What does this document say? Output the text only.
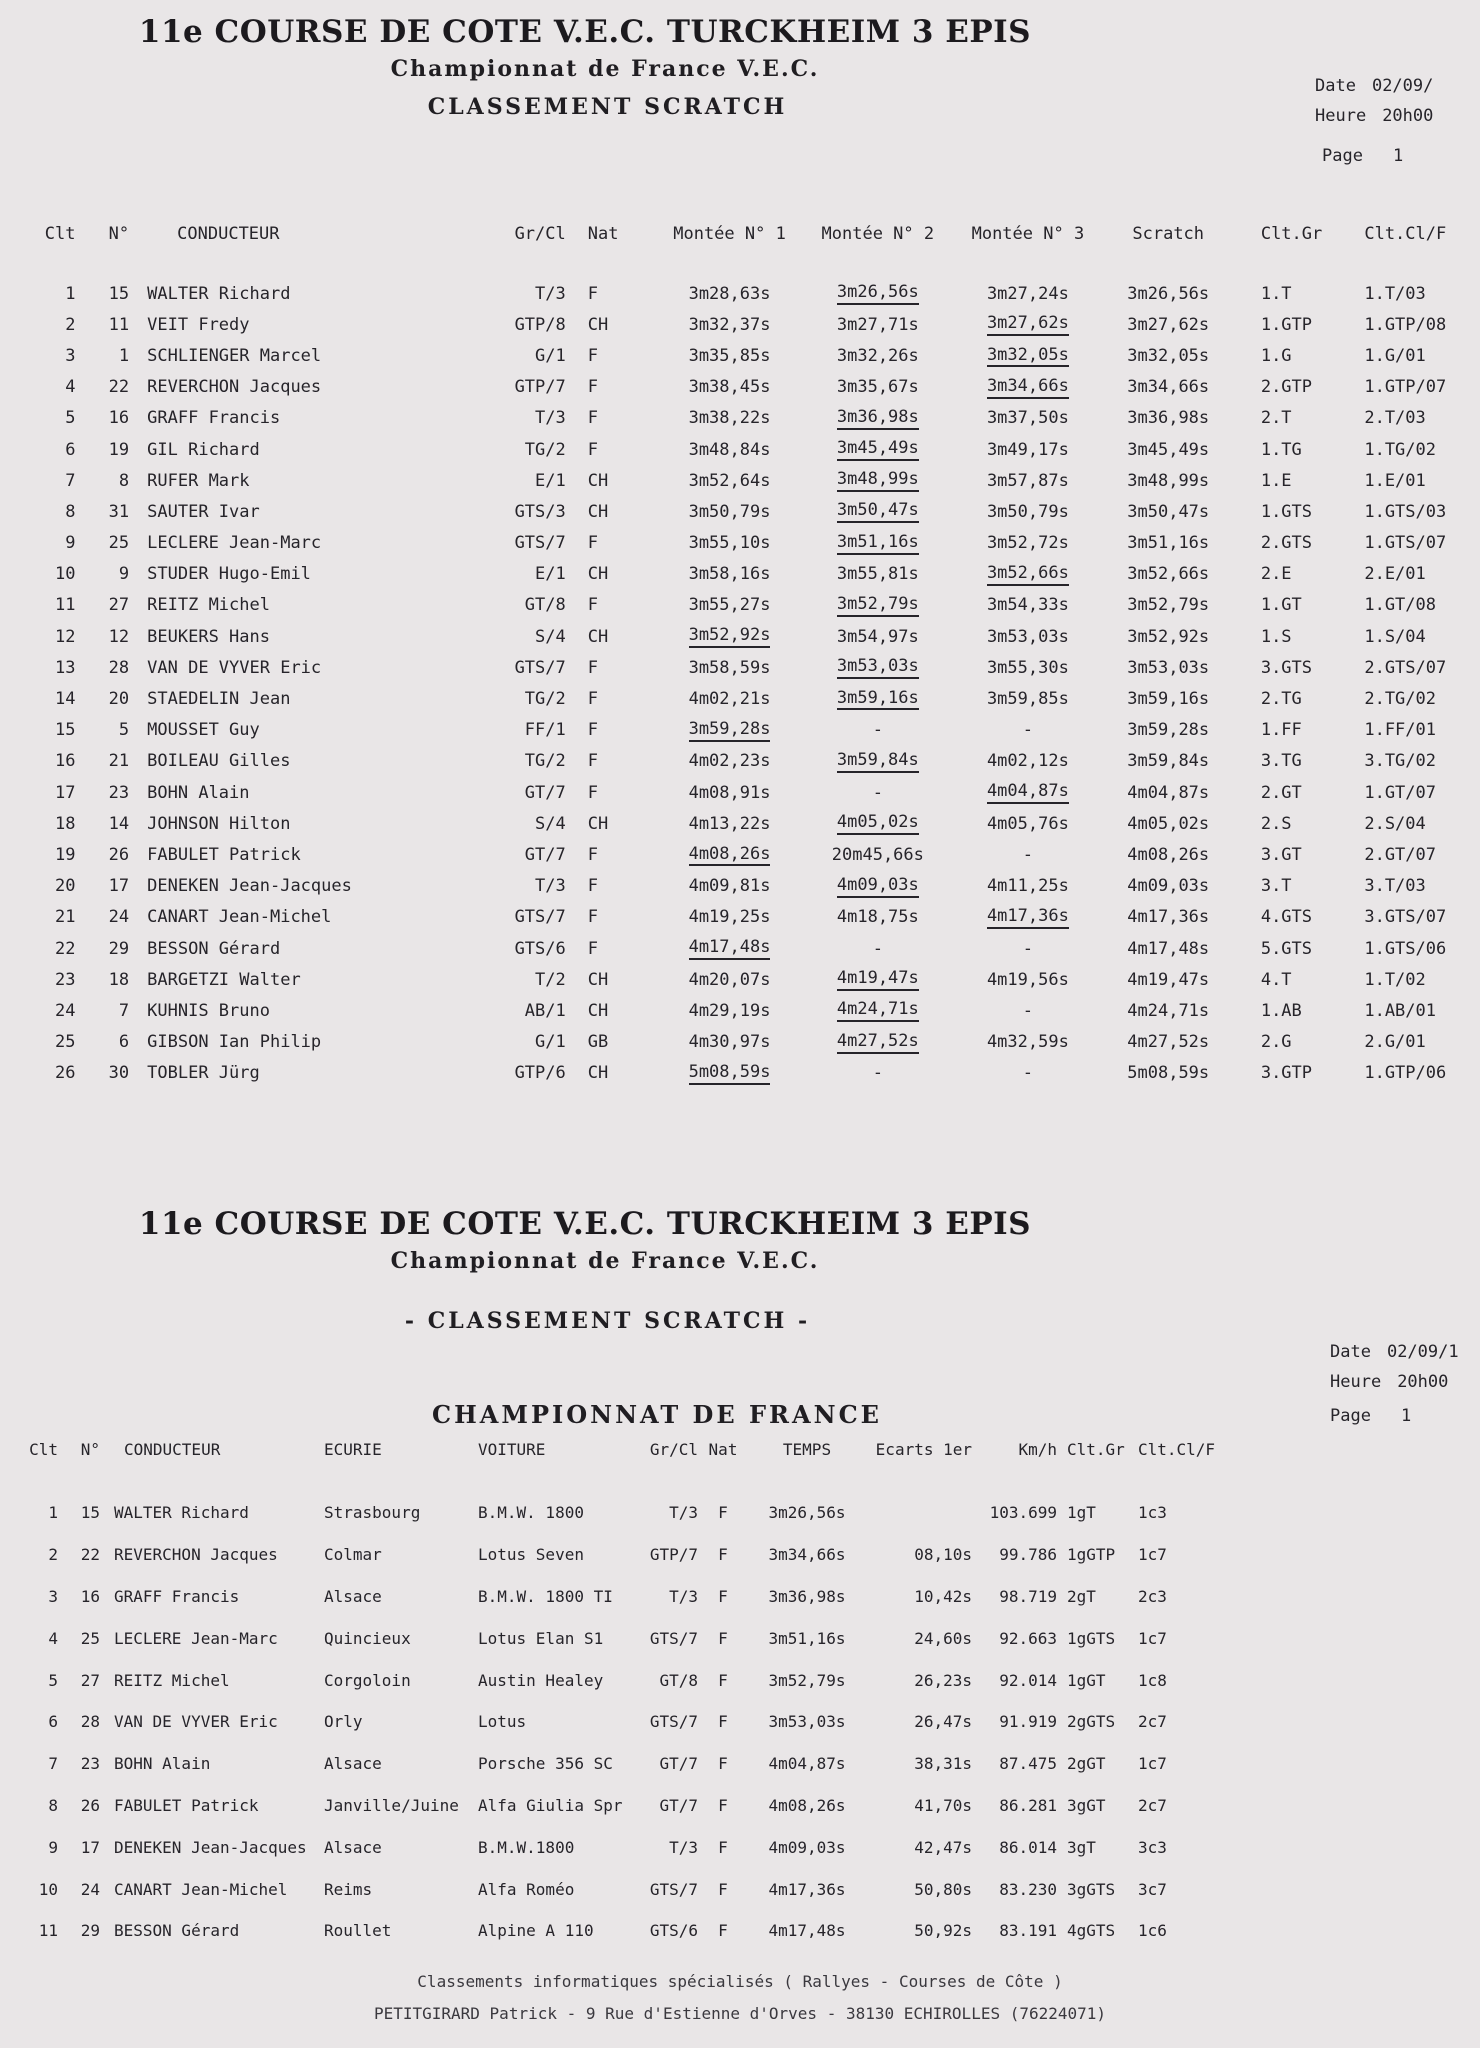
11e COURSE DE COTE V.E.C. TURCKHEIM 3 EPIS
Championnat de France V.E.C.
Date 02/09/
CLASSEMENT SCRATCH	Heure 20h00
Page 1
Clt	N°	CONDUCTEUR	Gr/Cl	Nat	Montée N° 1	Montée N° 2	Montée N° 3	Scratch	Clt.Gr	Clt.Cl/F
1	15	WALTER Richard	T/3	F	3m28,63s	3m26,56s	3m27,24s	3m26,56s	1.T	1.T/03
2	11	VEIT Fredy	GTP/8	CH	3m32,37s	3m27,71s	3m27,62s	3m27,62s	1.GTP	1.GTP/08
3	1	SCHLIENGER Marcel	G/1	F	3m35,85s	3m32,26s	3m32,05s	3m32,05s	1.G	1.G/01
4	22	REVERCHON Jacques	GTP/7	F	3m38,45s	3m35,67s	3m34,66s	3m34,66s	2.GTP	1.GTP/07
5	16	GRAFF Francis	T/3	F	3m38,22s	3m36,98s	3m37,50s	3m36,98s	2.T	2.T/03
6	19	GIL Richard	TG/2	F	3m48,84s	3m45,49s	3m49,17s	3m45,49s	1.TG	1.TG/02
7	8	RUFER Mark	E/1	CH	3m52,64s	3m48,99s	3m57,87s	3m48,99s	1.E	1.E/01
8	31	SAUTER Ivar	GTS/3	CH	3m50,79s	3m50,47s	3m50,79s	3m50,47s	1.GTS	1.GTS/03
9	25	LECLERE Jean-Marc	GTS/7	F	3m55,10s	3m51,16s	3m52,72s	3m51,16s	2.GTS	1.GTS/07
10	9	STUDER Hugo-Emil	E/1	CH	3m58,16s	3m55,81s	3m52,66s	3m52,66s	2.E	2.E/01
11	27	REITZ Michel	GT/8	F	3m55,27s	3m52,79s	3m54,33s	3m52,79s	1.GT	1.GT/08
12	12	BEUKERS Hans	S/4	CH	3m52,92s	3m54,97s	3m53,03s	3m52,92s	1.S	1.S/04
13	28	VAN DE VYVER Eric	GTS/7	F	3m58,59s	3m53,03s	3m55,30s	3m53,03s	3.GTS	2.GTS/07
14	20	STAEDELIN Jean	TG/2	F	4m02,21s	3m59,16s	3m59,85s	3m59,16s	2.TG	2.TG/02
15	5	MOUSSET Guy	FF/1	F	3m59,28s	-	-	3m59,28s	1.FF	1.FF/01
16	21	BOILEAU Gilles	TG/2	F	4m02,23s	3m59,84s	4m02,12s	3m59,84s	3.TG	3.TG/02
17	23	BOHN Alain	GT/7	F	4m08,91s	-	4m04,87s	4m04,87s	2.GT	1.GT/07
18	14	JOHNSON Hilton	S/4	CH	4m13,22s	4m05,02s	4m05,76s	4m05,02s	2.S	2.S/04
19	26	FABULET Patrick	GT/7	F	4m08,26s	20m45,66s	-	4m08,26s	3.GT	2.GT/07
20	17	DENEKEN Jean-Jacques	T/3	F	4m09,81s	4m09,03s	4m11,25s	4m09,03s	3.T	3.T/03
21	24	CANART Jean-Michel	GTS/7	F	4m19,25s	4m18,75s	4m17,36s	4m17,36s	4.GTS	3.GTS/07
22	29	BESSON Gérard	GTS/6	F	4m17,48s	-	-	4m17,48s	5.GTS	1.GTS/06
23	18	BARGETZI Walter	T/2	CH	4m20,07s	4m19,47s	4m19,56s	4m19,47s	4.T	1.T/02
24	7	KUHNIS Bruno	AB/1	CH	4m29,19s	4m24,71s	-	4m24,71s	1.AB	1.AB/01
25	6	GIBSON Ian Philip	G/1	GB	4m30,97s	4m27,52s	4m32,59s	4m27,52s	2.G	2.G/01
26	30	TOBLER Jürg	GTP/6	CH	5m08,59s	-	-	5m08,59s	3.GTP	1.GTP/06
11e COURSE DE COTE V.E.C. TURCKHEIM 3 EPIS
Championnat de France V.E.C.
- CLASSEMENT SCRATCH -
Date 02/09/1
Heure 20h00
CHAMPIONNAT DE FRANCE	Page 1
Clt	N°	CONDUCTEUR	ECURIE	VOITURE	Gr/Cl	Nat	TEMPS	Ecarts 1er	Km/h	Clt.Gr	Clt.Cl/F
1	15	WALTER Richard	Strasbourg	B.M.W. 1800	T/3	F	3m26,56s		103.699	1gT	1c3
2	22	REVERCHON Jacques	Colmar	Lotus Seven	GTP/7	F	3m34,66s	08,10s	99.786	1gGTP	1c7
3	16	GRAFF Francis	Alsace	B.M.W. 1800 TI	T/3	F	3m36,98s	10,42s	98.719	2gT	2c3
4	25	LECLERE Jean-Marc	Quincieux	Lotus Elan S1	GTS/7	F	3m51,16s	24,60s	92.663	1gGTS	1c7
5	27	REITZ Michel	Corgoloin	Austin Healey	GT/8	F	3m52,79s	26,23s	92.014	1gGT	1c8
6	28	VAN DE VYVER Eric	Orly	Lotus	GTS/7	F	3m53,03s	26,47s	91.919	2gGTS	2c7
7	23	BOHN Alain	Alsace	Porsche 356 SC	GT/7	F	4m04,87s	38,31s	87.475	2gGT	1c7
8	26	FABULET Patrick	Janville/Juine	Alfa Giulia Spr	GT/7	F	4m08,26s	41,70s	86.281	3gGT	2c7
9	17	DENEKEN Jean-Jacques	Alsace	B.M.W.1800	T/3	F	4m09,03s	42,47s	86.014	3gT	3c3
10	24	CANART Jean-Michel	Reims	Alfa Roméo	GTS/7	F	4m17,36s	50,80s	83.230	3gGTS	3c7
11	29	BESSON Gérard	Roullet	Alpine A 110	GTS/6	F	4m17,48s	50,92s	83.191	4gGTS	1c6
Classements informatiques spécialisés ( Rallyes - Courses de Côte )
PETITGIRARD Patrick - 9 Rue d'Estienne d'Orves - 38130 ECHIROLLES (76224071)
